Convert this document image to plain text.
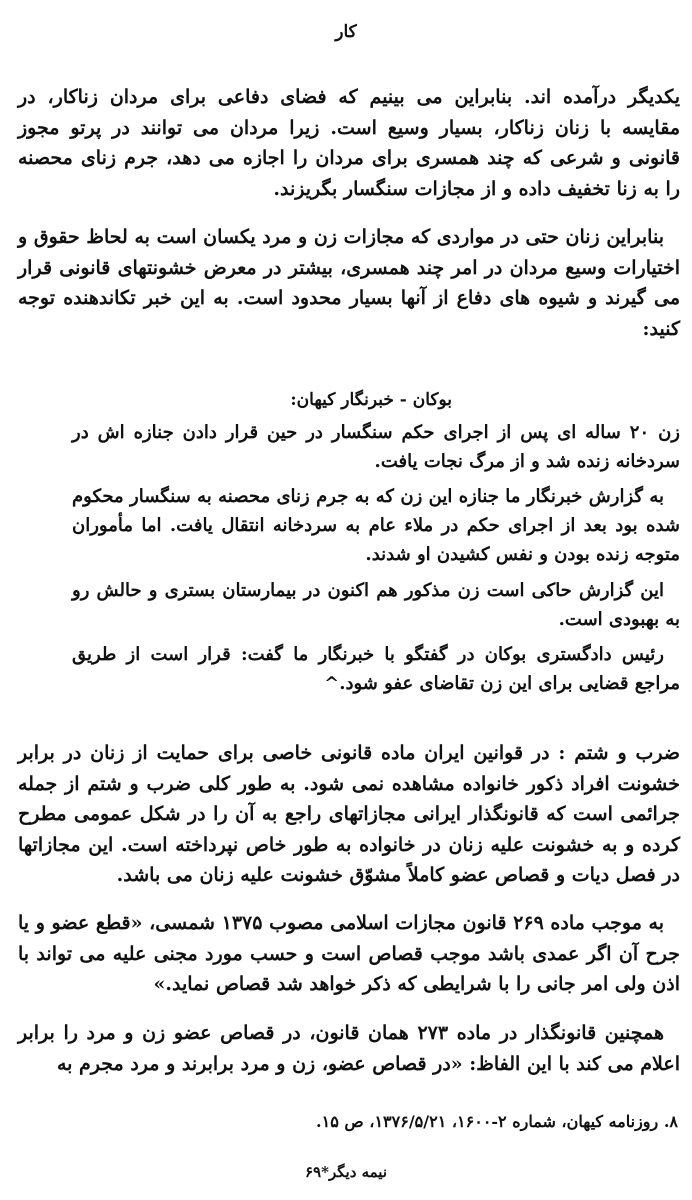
کار

یکدیگر درآمده اند. بنابراین می بینیم که فضای دفاعی برای مردان زناکار، در مقایسه با زنان زناکار، بسیار وسیع است. زیرا مردان می توانند در پرتو مجوز قانونی و شرعی که چند همسری برای مردان را اجازه می دهد، جرم زنای محصنه را به زنا تخفیف داده و از مجازات سنگسار بگریزند.

بنابراین زنان حتی در مواردی که مجازات زن و مرد یکسان است به لحاظ حقوق و اختیارات وسیع مردان در امر چند همسری، بیشتر در معرض خشونتهای قانونی قرار می گیرند و شیوه های دفاع از آنها بسیار محدود است. به این خبر تکاندهنده توجه کنید:

بوکان - خبرنگار کیهان:

زن ۲۰ ساله ای پس از اجرای حکم سنگسار در حین قرار دادن جنازه اش در سردخانه زنده شد و از مرگ نجات یافت.

به گزارش خبرنگار ما جنازه این زن که به جرم زنای محصنه به سنگسار محکوم شده بود بعد از اجرای حکم در ملاء عام به سردخانه انتقال یافت. اما مأموران متوجه زنده بودن و نفس کشیدن او شدند.

این گزارش حاکی است زن مذکور هم اکنون در بیمارستان بستری و حالش رو به بهبودی است.

رئیس دادگستری بوکان در گفتگو با خبرنگار ما گفت: قرار است از طریق مراجع قضایی برای این زن تقاضای عفو شود.^

ضرب و شتم : در قوانین ایران ماده قانونی خاصی برای حمایت از زنان در برابر خشونت افراد ذکور خانواده مشاهده نمی شود. به طور کلی ضرب و شتم از جمله جرائمی است که قانونگذار ایرانی مجازاتهای راجع به آن را در شکل عمومی مطرح کرده و به خشونت علیه زنان در خانواده به طور خاص نپرداخته است. این مجازاتها در فصل دیات و قصاص عضو کاملاً مشوّق خشونت علیه زنان می باشد.

به موجب ماده ۲۶۹ قانون مجازات اسلامی مصوب ۱۳۷۵ شمسی، «قطع عضو و یا جرح آن اگر عمدی باشد موجب قصاص است و حسب مورد مجنی علیه می تواند با اذن ولی امر جانی را با شرایطی که ذکر خواهد شد قصاص نماید.»

همچنین قانونگذار در ماده ۲۷۳ همان قانون، در قصاص عضو زن و مرد را برابر اعلام می کند با این الفاظ: «در قصاص عضو، زن و مرد برابرند و مرد مجرم به

۸. روزنامه کیهان، شماره ۲-۱۶۰۰، ۱۳۷۶/۵/۲۱، ص ۱۵.
نیمه دیگر*۶۹
